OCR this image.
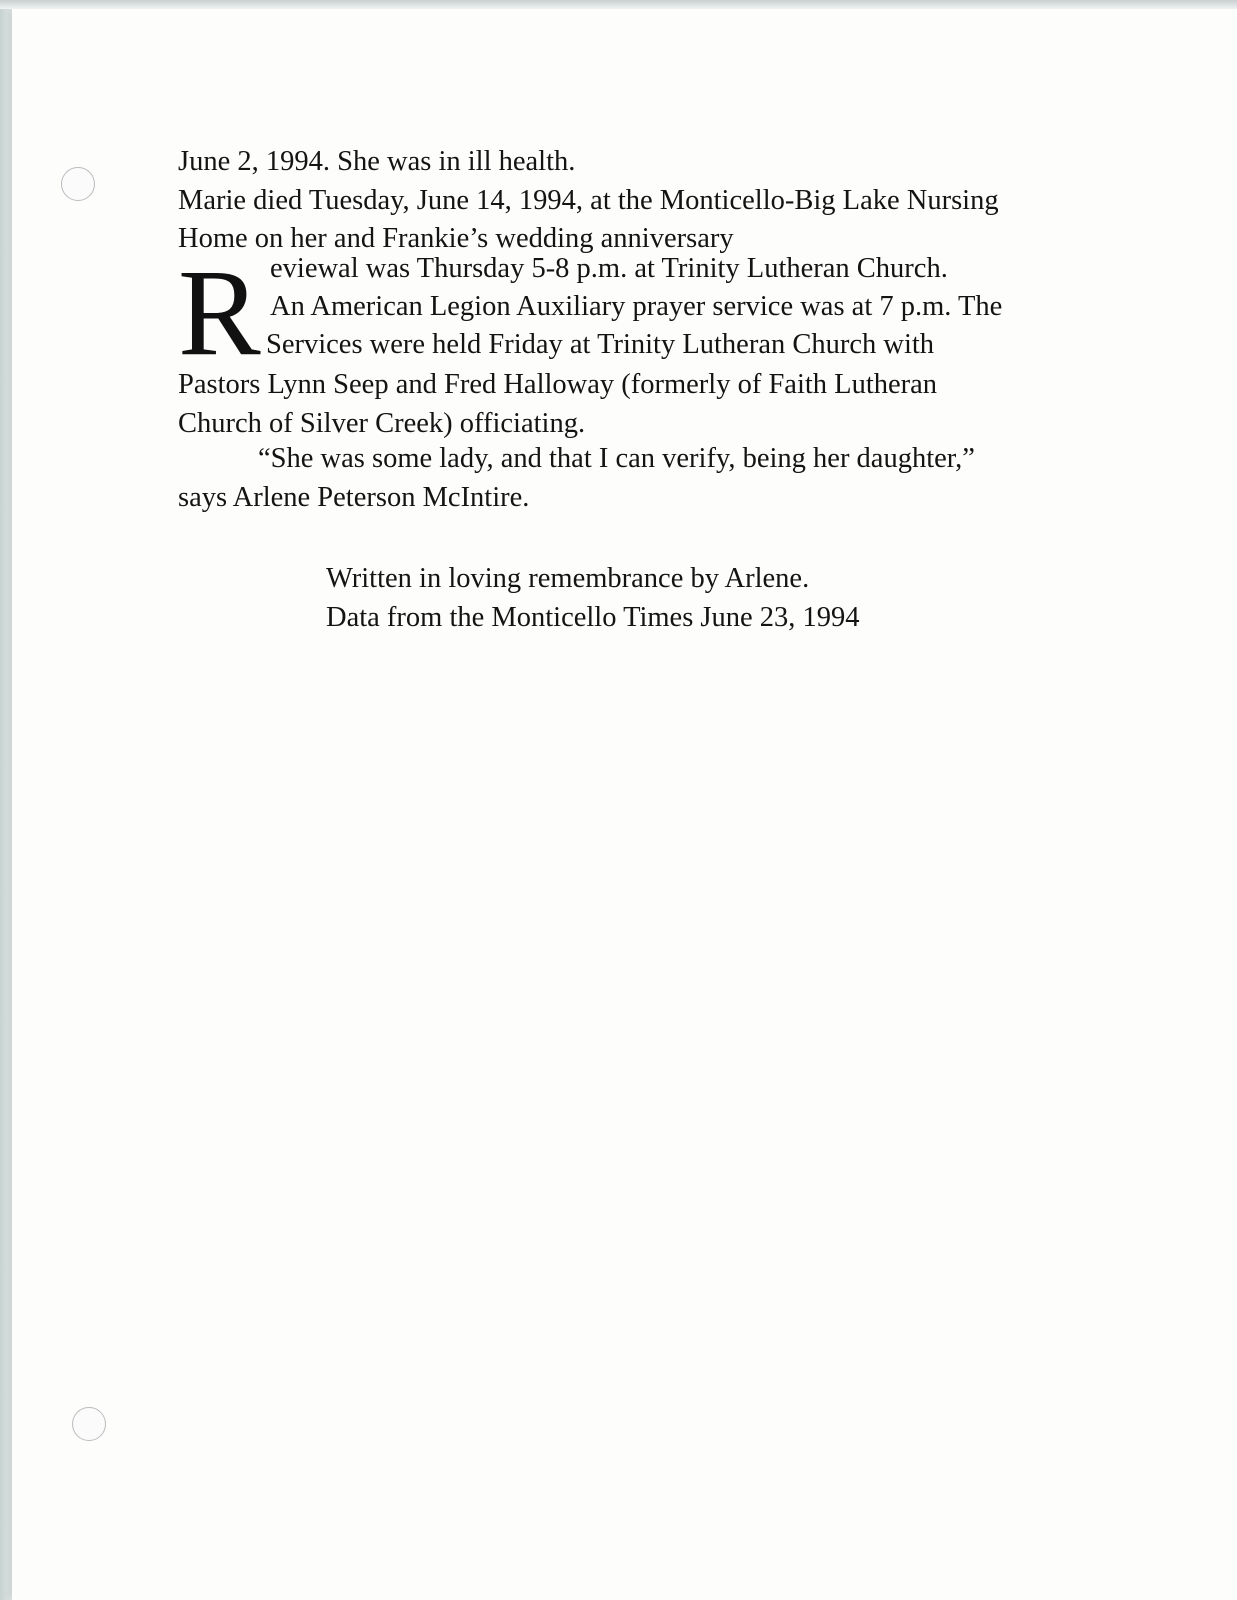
June 2, 1994. She was in ill health.
Marie died Tuesday, June 14, 1994, at the Monticello-Big Lake Nursing
Home on her and Frankie’s wedding anniversary
R eviewal was Thursday 5-8 p.m. at Trinity Lutheran Church.
An American Legion Auxiliary prayer service was at 7 p.m. The
Services were held Friday at Trinity Lutheran Church with
Pastors Lynn Seep and Fred Halloway (formerly of Faith Lutheran
Church of Silver Creek) officiating.
“She was some lady, and that I can verify, being her daughter,”
says Arlene Peterson McIntire.
Written in loving remembrance by Arlene.
Data from the Monticello Times June 23, 1994
